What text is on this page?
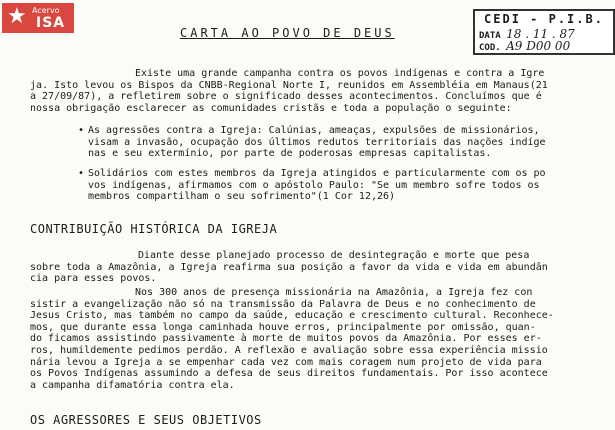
★ Acervo
ISA	CEDI - P.I.B.
DATA 18 . 11 . 87
COD. A9 D00 00
CARTA AO POVO DE DEUS
Existe uma grande campanha contra os povos indígenas e contra a Igre
ja. Isto levou os Bispos da CNBB-Regional Norte I, reunidos em Assembléia em Manaus(21
a 27/09/87), a refletirem sobre o significado desses acontecimentos. Concluímos que é
nossa obrigação esclarecer as comunidades cristãs e toda a população o seguinte:
• As agressões contra a Igreja: Calúnias, ameaças, expulsões de missionários,
visam a invasão, ocupação dos últimos redutos territoriais das nações indíge
nas e seu extermínio, por parte de poderosas empresas capitalistas.
• Solidários com estes membros da Igreja atingidos e particularmente com os po
vos indígenas, afirmamos com o apóstolo Paulo: "Se um membro sofre todos os
membros compartilham o seu sofrimento"(1 Cor 12,26)
CONTRIBUIÇÃO HISTÓRICA DA IGREJA
Diante desse planejado processo de desintegração e morte que pesa
sobre toda a Amazônia, a Igreja reafirma sua posição a favor da vida e vida em abundân
cia para esses povos.
Nos 300 anos de presença missionária na Amazônia, a Igreja fez con
sistir a evangelização não só na transmissão da Palavra de Deus e no conhecimento de
Jesus Cristo, mas também no campo da saúde, educação e crescimento cultural. Reconhece-
mos, que durante essa longa caminhada houve erros, principalmente por omissão, quan-
do ficamos assistindo passivamente à morte de muitos povos da Amazônia. Por esses er-
ros, humildemente pedimos perdão. A reflexão e avaliação sobre essa experiência missio
nária levou a Igreja a se empenhar cada vez com mais coragem num projeto de vida para
os Povos Indígenas assumindo a defesa de seus direitos fundamentais. Por isso acontece
a campanha difamatória contra ela.
OS AGRESSORES E SEUS OBJETIVOS
